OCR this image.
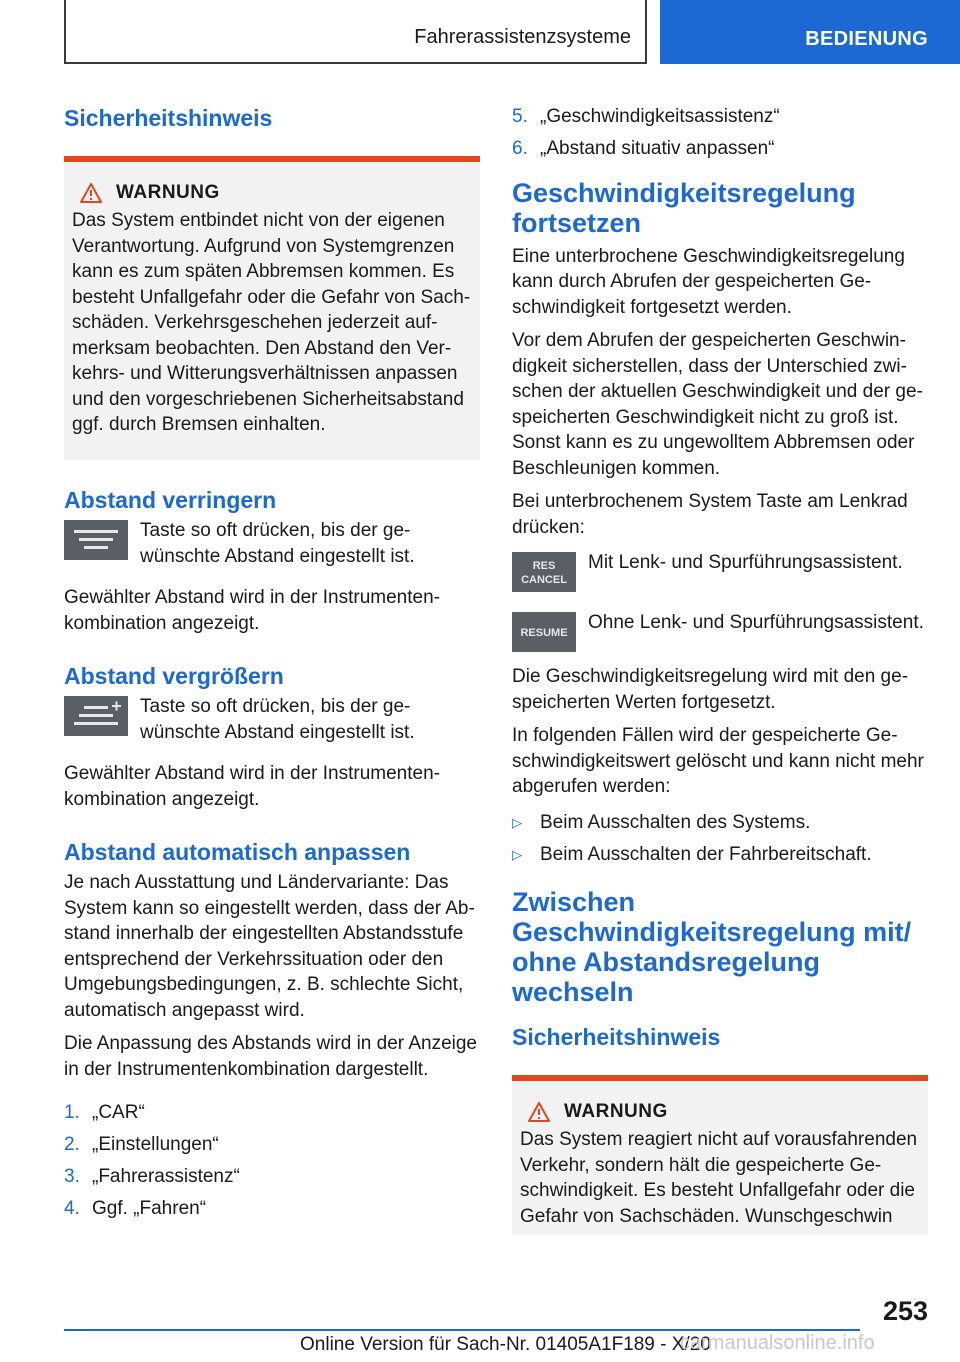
Fahrerassistenzsysteme	BEDIENUNG
Sicherheitshinweis
WARNUNG

Das System entbindet nicht von der eigenen Verantwortung. Aufgrund von Systemgrenzen kann es zum späten Abbremsen kommen. Es besteht Unfallgefahr oder die Gefahr von Sachschäden. Verkehrsgeschehen jederzeit aufmerksam beobachten. Den Abstand den Verkehrs- und Witterungsverhältnissen anpassen und den vorgeschriebenen Sicherheitsabstand ggf. durch Bremsen einhalten.

Abstand verringern

Taste so oft drücken, bis der gewünschte Abstand eingestellt ist.

Gewählter Abstand wird in der Instrumentenkombination angezeigt.

Abstand vergrößern

Taste so oft drücken, bis der gewünschte Abstand eingestellt ist.

Gewählter Abstand wird in der Instrumentenkombination angezeigt.

Abstand automatisch anpassen

Je nach Ausstattung und Ländervariante: Das System kann so eingestellt werden, dass der Abstand innerhalb der eingestellten Abstandsstufe entsprechend der Verkehrssituation oder den Umgebungsbedingungen, z. B. schlechte Sicht, automatisch angepasst wird.

Die Anpassung des Abstands wird in der Anzeige in der Instrumentenkombination dargestellt.

1. „CAR“
2. „Einstellungen“
3. „Fahrerassistenz“
4. Ggf. „Fahren“
5. „Geschwindigkeitsassistenz“
6. „Abstand situativ anpassen“
Geschwindigkeitsregelung fortsetzen

Eine unterbrochene Geschwindigkeitsregelung kann durch Abrufen der gespeicherten Geschwindigkeit fortgesetzt werden.

Vor dem Abrufen der gespeicherten Geschwindigkeit sicherstellen, dass der Unterschied zwischen der aktuellen Geschwindigkeit und der gespeicherten Geschwindigkeit nicht zu groß ist. Sonst kann es zu ungewolltem Abbremsen oder Beschleunigen kommen.

Bei unterbrochenem System Taste am Lenkrad drücken:

RES
CANCEL

Mit Lenk- und Spurführungsassistent.

RESUME Ohne Lenk- und Spurführungsassistent.

Die Geschwindigkeitsregelung wird mit den gespeicherten Werten fortgesetzt.

In folgenden Fällen wird der gespeicherte Geschwindigkeitswert gelöscht und kann nicht mehr abgerufen werden:

▷ Beim Ausschalten des Systems.
▷ Beim Ausschalten der Fahrbereitschaft.
Zwischen Geschwindigkeitsregelung mit/ ohne Abstandsregelung wechseln
Sicherheitshinweis
WARNUNG

Das System reagiert nicht auf vorausfahrenden Verkehr, sondern hält die gespeicherte Geschwindigkeit. Es besteht Unfallgefahr oder die Gefahr von Sachschäden. Wunschgeschwin

253
Online Version für Sach-Nr. 01405A1F189 - X/20
carmanualsonline.info
